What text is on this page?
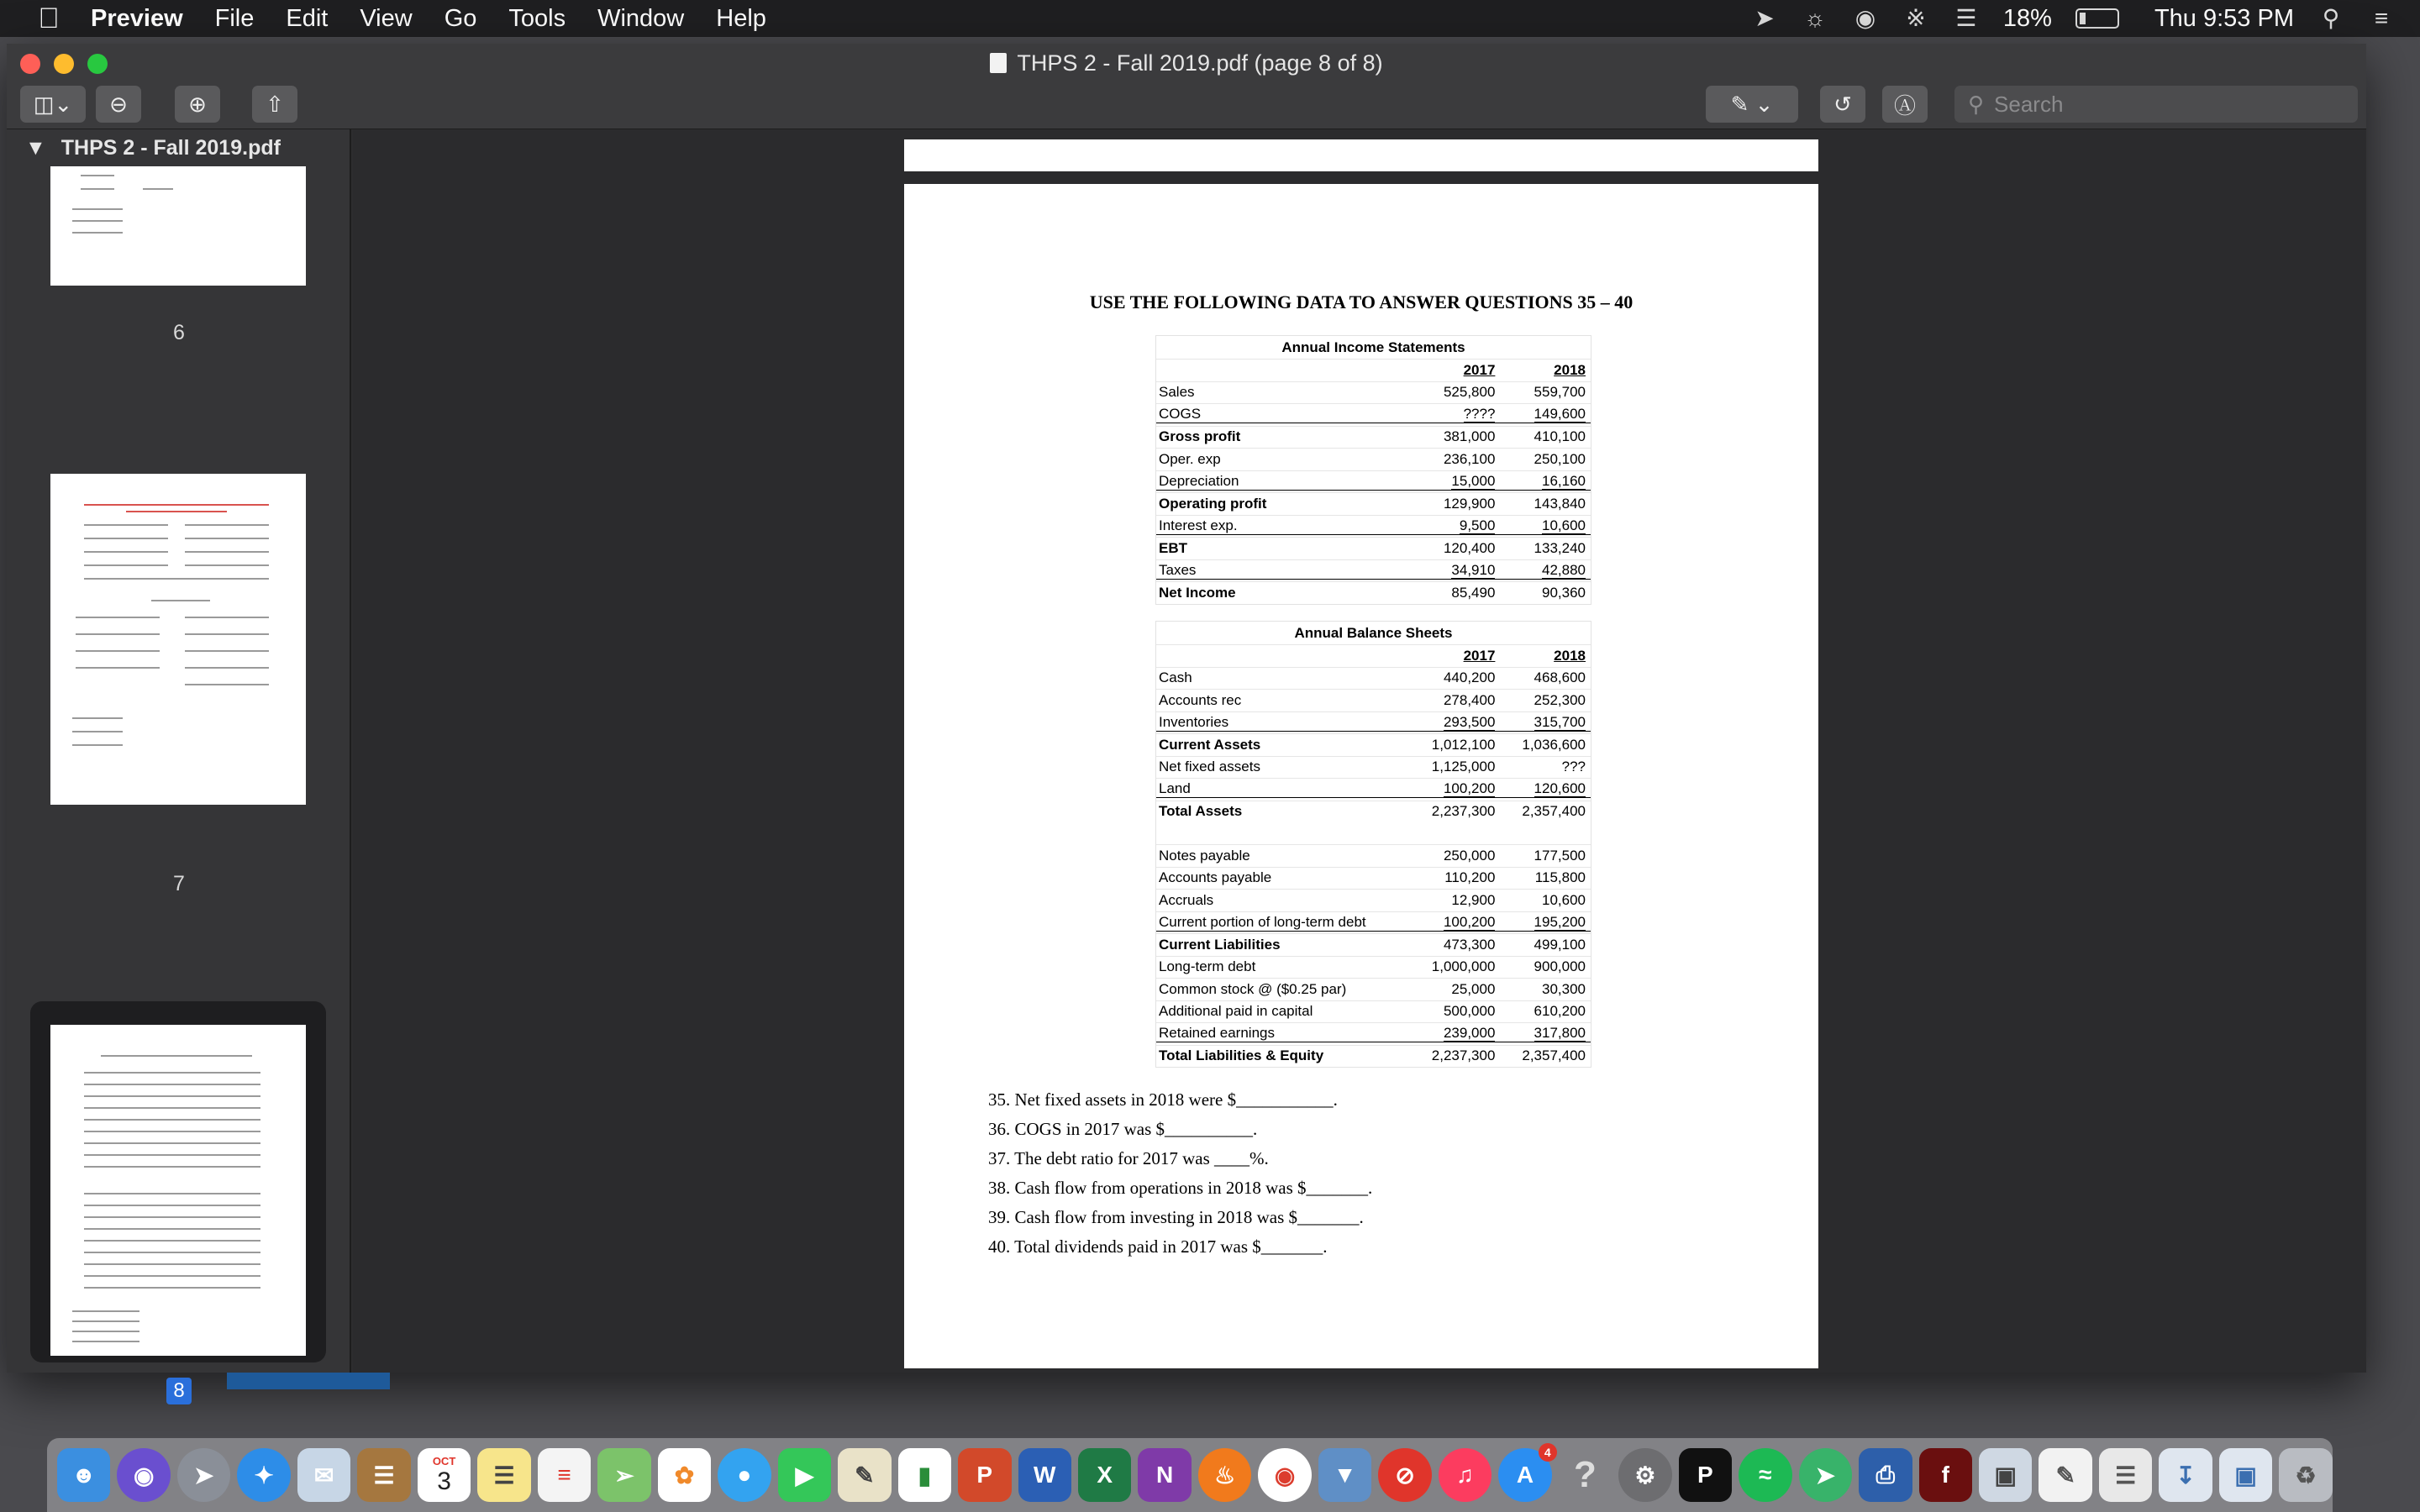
Preview File Edit View Go Tools Window Help	➤ ☼ ◉ ※ ☰ 18%	Thu 9:53 PM ⚲ ≡
THPS 2 - Fall 2019.pdf (page 8 of 8)
◫⌄	⊖	⊕	⇧	✎ ⌄	↺	Ⓐ	⚲ Search
▼ THPS 2 - Fall 2019.pdf
6
7
8
USE THE FOLLOWING DATA TO ANSWER QUESTIONS 35 – 40
Annual Income Statements
2017	2018
Sales	525,800	559,700
COGS	????	149,600
Gross profit	381,000	410,100
Oper. exp	236,100	250,100
Depreciation	15,000	16,160
Operating profit	129,900	143,840
Interest exp.	9,500	10,600
EBT	120,400	133,240
Taxes	34,910	42,880
Net Income	85,490	90,360
Annual Balance Sheets
2017	2018
Cash	440,200	468,600
Accounts rec	278,400	252,300
Inventories	293,500	315,700
Current Assets	1,012,100	1,036,600
Net fixed assets	1,125,000	???
Land	100,200	120,600
Total Assets	2,237,300	2,357,400
Notes payable	250,000	177,500
Accounts payable	110,200	115,800
Accruals	12,900	10,600
Current portion of long-term debt	100,200	195,200
Current Liabilities	473,300	499,100
Long-term debt	1,000,000	900,000
Common stock @ ($0.25 par)	25,000	30,300
Additional paid in capital	500,000	610,200
Retained earnings	239,000	317,800
Total Liabilities & Equity	2,237,300	2,357,400
35. Net fixed assets in 2018 were $___________.
36. COGS in 2017 was $__________.
37. The debt ratio for 2017 was ____%.
38. Cash flow from operations in 2018 was $_______.
39. Cash flow from investing in 2018 was $_______.
40. Total dividends paid in 2017 was $_______.
☻	◉	➤	✦	✉	☰
OCT
3	☰	≡	➢	✿	●	▶	✎	▮	P	W	X	N	♨	◉	▼	⊘	♫	A
4
?	⚙	P	≈	➤	⎙	f	▣	✎	☰	↧	▣	♻
